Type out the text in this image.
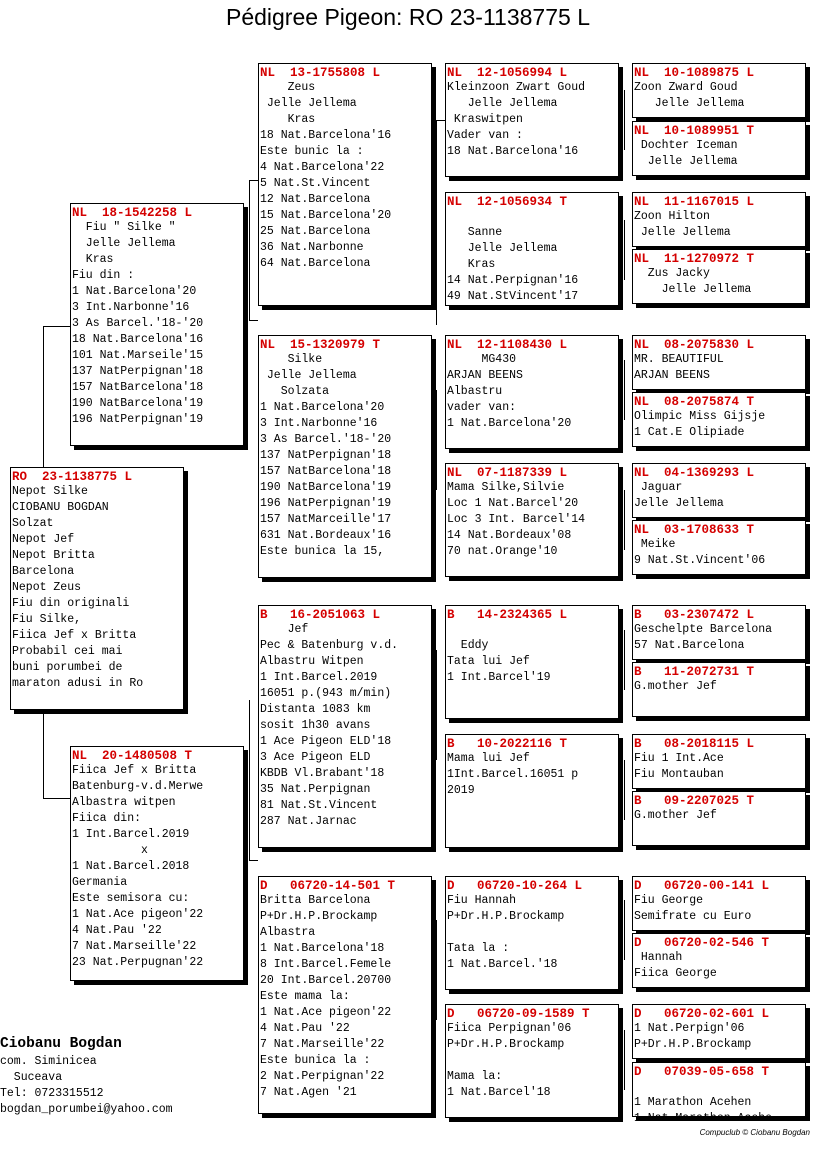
Pédigree Pigeon: RO 23-1138775 L
RO  23-1138775 L
Nepot Silke
CIOBANU BOGDAN
Solzat
Nepot Jef
Nepot Britta
Barcelona
Nepot Zeus
Fiu din originali
Fiu Silke,
Fiica Jef x Britta
Probabil cei mai
buni porumbei de
maraton adusi in Ro
NL  18-1542258 L
Fiu " Silke "
Jelle Jellema
Kras
Fiu din :
1 Nat.Barcelona'20
3 Int.Narbonne'16
3 As Barcel.'18-'20
18 Nat.Barcelona'16
101 Nat.Marseile'15
137 NatPerpignan'18
157 NatBarcelona'18
190 NatBarcelona'19
196 NatPerpignan'19
NL  20-1480508 T
Fiica Jef x Britta
Batenburg-v.d.Merwe
Albastra witpen
Fiica din:
1 Int.Barcel.2019
x
1 Nat.Barcel.2018
Germania
Este semisora cu:
1 Nat.Ace pigeon'22
4 Nat.Pau '22
7 Nat.Marseille'22
23 Nat.Perpugnan'22
NL  13-1755808 L
Zeus
Jelle Jellema
Kras
18 Nat.Barcelona'16
Este bunic la :
4 Nat.Barcelona'22
5 Nat.St.Vincent
12 Nat.Barcelona
15 Nat.Barcelona'20
25 Nat.Barcelona
36 Nat.Narbonne
64 Nat.Barcelona
NL  15-1320979 T
Silke
Jelle Jellema
Solzata
1 Nat.Barcelona'20
3 Int.Narbonne'16
3 As Barcel.'18-'20
137 NatPerpignan'18
157 NatBarcelona'18
190 NatBarcelona'19
196 NatPerpignan'19
157 NatMarceille'17
631 Nat.Bordeaux'16
Este bunica la 15,
B   16-2051063 L
Jef
Pec & Batenburg v.d.
Albastru Witpen
1 Int.Barcel.2019
16051 p.(943 m/min)
Distanta 1083 km
sosit 1h30 avans
1 Ace Pigeon ELD'18
3 Ace Pigeon ELD
KBDB Vl.Brabant'18
35 Nat.Perpignan
81 Nat.St.Vincent
287 Nat.Jarnac
D   06720-14-501 T
Britta Barcelona
P+Dr.H.P.Brockamp
Albastra
1 Nat.Barcelona'18
8 Int.Barcel.Femele
20 Int.Barcel.20700
Este mama la:
1 Nat.Ace pigeon'22
4 Nat.Pau '22
7 Nat.Marseille'22
Este bunica la :
2 Nat.Perpignan'22
7 Nat.Agen '21
NL  12-1056994 L
Kleinzoon Zwart Goud
Jelle Jellema
Kraswitpen
Vader van :
18 Nat.Barcelona'16
NL  12-1056934 T

Sanne
Jelle Jellema
Kras
14 Nat.Perpignan'16
49 Nat.StVincent'17
NL  12-1108430 L
MG430
ARJAN BEENS
Albastru
vader van:
1 Nat.Barcelona'20
NL  07-1187339 L
Mama Silke,Silvie
Loc 1 Nat.Barcel'20
Loc 3 Int. Barcel'14
14 Nat.Bordeaux'08
70 nat.Orange'10
B   14-2324365 L

Eddy
Tata lui Jef
1 Int.Barcel'19
B   10-2022116 T
Mama lui Jef
1Int.Barcel.16051 p
2019
D   06720-10-264 L
Fiu Hannah
P+Dr.H.P.Brockamp

Tata la :
1 Nat.Barcel.'18
D   06720-09-1589 T
Fiica Perpignan'06
P+Dr.H.P.Brockamp

Mama la:
1 Nat.Barcel'18
NL  10-1089875 L
Zoon Zward Goud
Jelle Jellema
NL  10-1089951 T
Dochter Iceman
Jelle Jellema
NL  11-1167015 L
Zoon Hilton
Jelle Jellema
NL  11-1270972 T
Zus Jacky
Jelle Jellema
NL  08-2075830 L
MR. BEAUTIFUL
ARJAN BEENS
NL  08-2075874 T
Olimpic Miss Gijsje
1 Cat.E Olipiade
NL  04-1369293 L
Jaguar
Jelle Jellema
NL  03-1708633 T
Meike
9 Nat.St.Vincent'06
B   03-2307472 L
Geschelpte Barcelona
57 Nat.Barcelona
B   11-2072731 T
G.mother Jef
B   08-2018115 L
Fiu 1 Int.Ace
Fiu Montauban
B   09-2207025 T
G.mother Jef
D   06720-00-141 L
Fiu George
Semifrate cu Euro
D   06720-02-546 T
Hannah
Fiica George
D   06720-02-601 L
1 Nat.Perpign'06
P+Dr.H.P.Brockamp
D   07039-05-658 T

1 Marathon Acehen
1 Nat.Marathon Acehe
Ciobanu Bogdan
com. Siminicea
Suceava
Tel: 0723315512
bogdan_porumbei@yahoo.com
Compuclub © Ciobanu Bogdan
